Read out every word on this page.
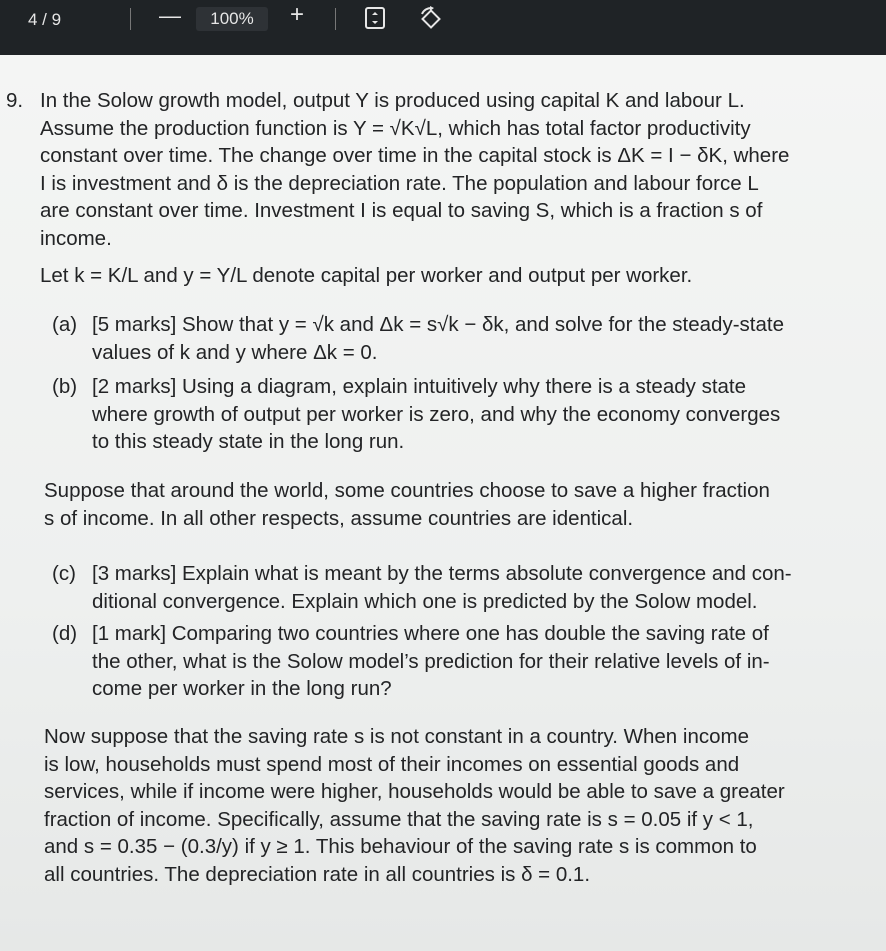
4 / 9	—	100%	+
9. In the Solow growth model, output Y is produced using capital K and labour L.
Assume the production function is Y = √K√L, which has total factor productivity
constant over time. The change over time in the capital stock is ΔK = I − δK, where
I is investment and δ is the depreciation rate. The population and labour force L
are constant over time. Investment I is equal to saving S, which is a fraction s of
income.
Let k = K/L and y = Y/L denote capital per worker and output per worker.
(a) [5 marks] Show that y = √k and Δk = s√k − δk, and solve for the steady-state
values of k and y where Δk = 0.
(b) [2 marks] Using a diagram, explain intuitively why there is a steady state
where growth of output per worker is zero, and why the economy converges
to this steady state in the long run.
Suppose that around the world, some countries choose to save a higher fraction
s of income. In all other respects, assume countries are identical.
(c) [3 marks] Explain what is meant by the terms absolute convergence and con-
ditional convergence. Explain which one is predicted by the Solow model.
(d) [1 mark] Comparing two countries where one has double the saving rate of
the other, what is the Solow model’s prediction for their relative levels of in-
come per worker in the long run?
Now suppose that the saving rate s is not constant in a country. When income
is low, households must spend most of their incomes on essential goods and
services, while if income were higher, households would be able to save a greater
fraction of income. Specifically, assume that the saving rate is s = 0.05 if y < 1,
and s = 0.35 − (0.3/y) if y ≥ 1. This behaviour of the saving rate s is common to
all countries. The depreciation rate in all countries is δ = 0.1.
